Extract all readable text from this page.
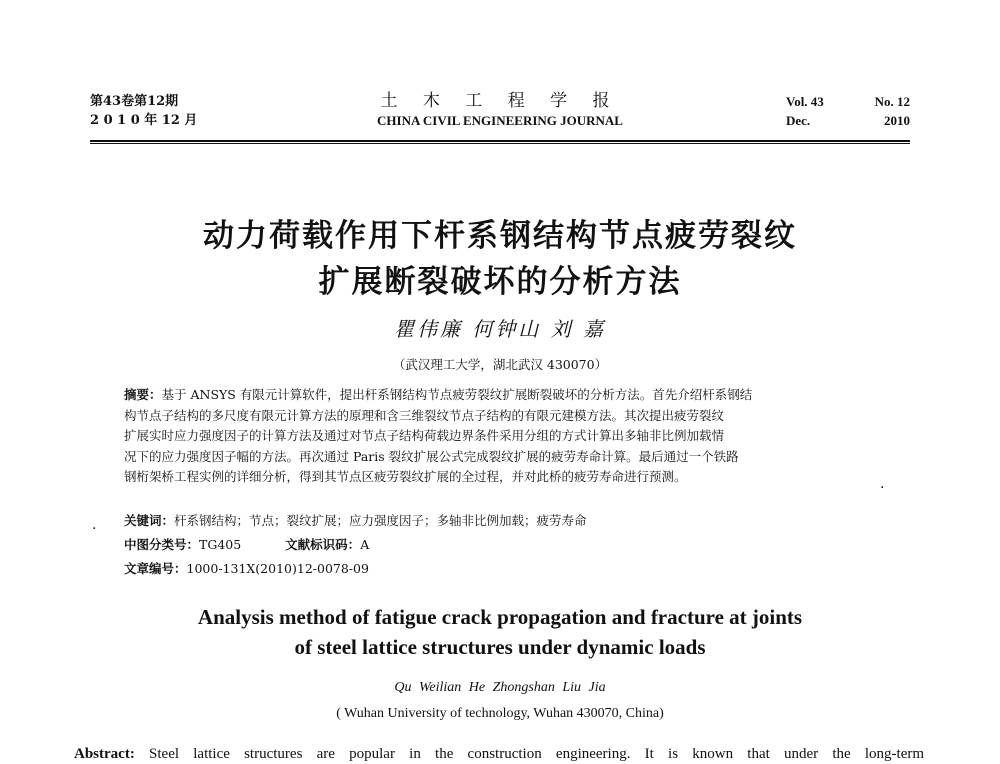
第43卷第12期
2 0 1 0 年 12 月
土 木 工 程 学 报
CHINA CIVIL ENGINEERING JOURNAL
Vol. 43	No. 12
Dec.	2010
动力荷载作用下杆系钢结构节点疲劳裂纹
扩展断裂破坏的分析方法
瞿伟廉 何钟山 刘 嘉
（武汉理工大学，湖北武汉 430070）
摘要：基于 ANSYS 有限元计算软件，提出杆系钢结构节点疲劳裂纹扩展断裂破坏的分析方法。首先介绍杆系钢结
构节点子结构的多尺度有限元计算方法的原理和含三维裂纹节点子结构的有限元建模方法。其次提出疲劳裂纹
扩展实时应力强度因子的计算方法及通过对节点子结构荷载边界条件采用分组的方式计算出多轴非比例加载情
况下的应力强度因子幅的方法。再次通过 Paris 裂纹扩展公式完成裂纹扩展的疲劳寿命计算。最后通过一个铁路
钢桁架桥工程实例的详细分析，得到其节点区疲劳裂纹扩展的全过程，并对此桥的疲劳寿命进行预测。	.
关键词：杆系钢结构；节点；裂纹扩展；应力强度因子；多轴非比例加载；疲劳寿命
.
中图分类号：TG405	文献标识码：A
文章编号：1000-131X(2010)12-0078-09
Analysis method of fatigue crack propagation and fracture at joints
of steel lattice structures under dynamic loads
Qu Weilian He Zhongshan Liu Jia
( Wuhan University of technology, Wuhan 430070, China)
Abstract: Steel lattice structures are popular in the construction engineering. It is known that under the long-term
